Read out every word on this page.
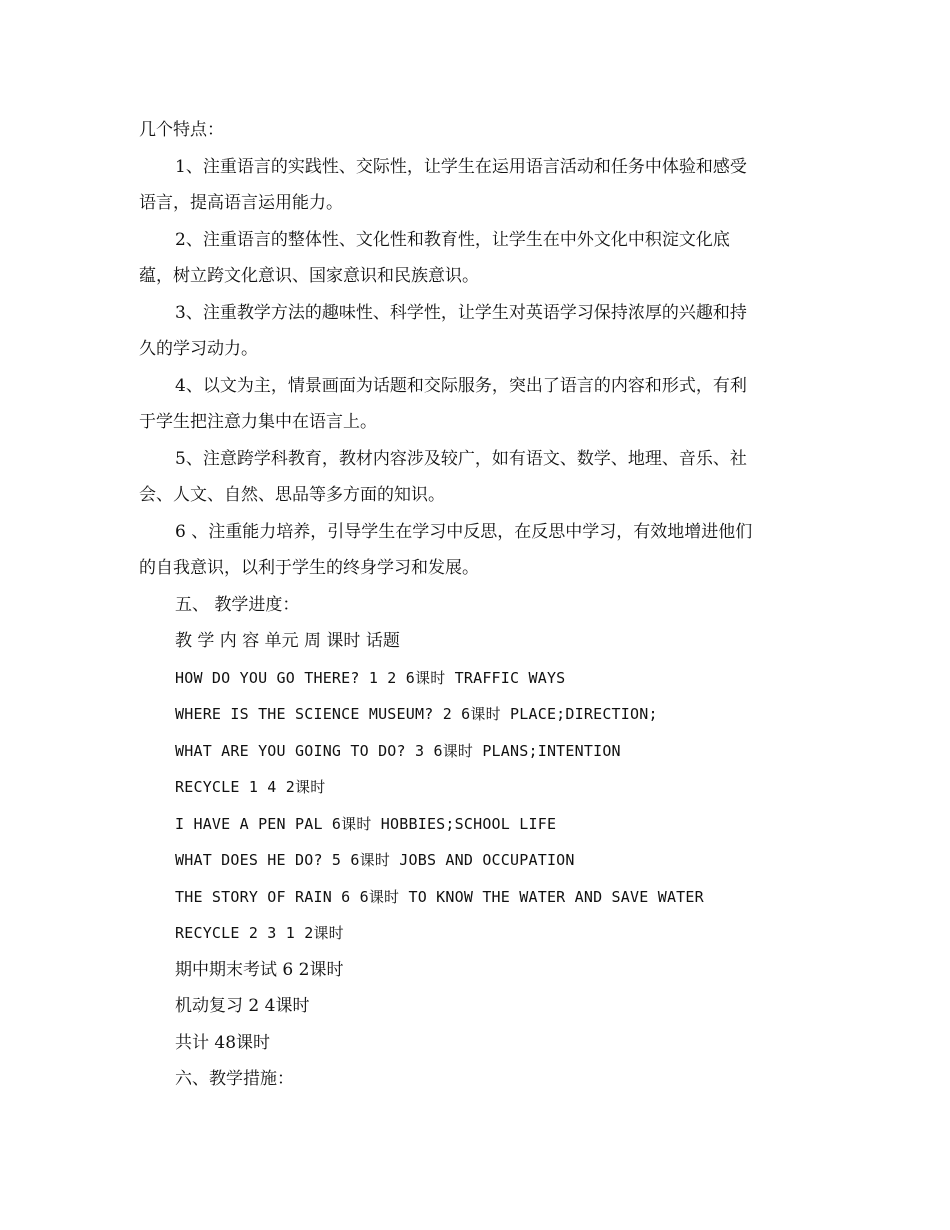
几个特点：
1、注重语言的实践性、交际性，让学生在运用语言活动和任务中体验和感受
语言，提高语言运用能力。
2、注重语言的整体性、文化性和教育性，让学生在中外文化中积淀文化底
蕴，树立跨文化意识、国家意识和民族意识。
3、注重教学方法的趣味性、科学性，让学生对英语学习保持浓厚的兴趣和持
久的学习动力。
4、以文为主，情景画面为话题和交际服务，突出了语言的内容和形式，有利
于学生把注意力集中在语言上。
5、注意跨学科教育，教材内容涉及较广，如有语文、数学、地理、音乐、社
会、人文、自然、思品等多方面的知识。
6 、注重能力培养，引导学生在学习中反思，在反思中学习，有效地增进他们
的自我意识，以利于学生的终身学习和发展。
五、 教学进度：
教 学 内 容 单元 周 课时 话题
HOW DO YOU GO THERE? 1 2 6课时 TRAFFIC WAYS
WHERE IS THE SCIENCE MUSEUM? 2 6课时 PLACE;DIRECTION;
WHAT ARE YOU GOING TO DO? 3 6课时 PLANS;INTENTION
RECYCLE 1 4 2课时
I HAVE A PEN PAL 6课时 HOBBIES;SCHOOL LIFE
WHAT DOES HE DO? 5 6课时 JOBS AND OCCUPATION
THE STORY OF RAIN 6 6课时 TO KNOW THE WATER AND SAVE WATER
RECYCLE 2 3 1 2课时
期中期末考试 6 2课时
机动复习 2 4课时
共计 48课时
六、教学措施：
